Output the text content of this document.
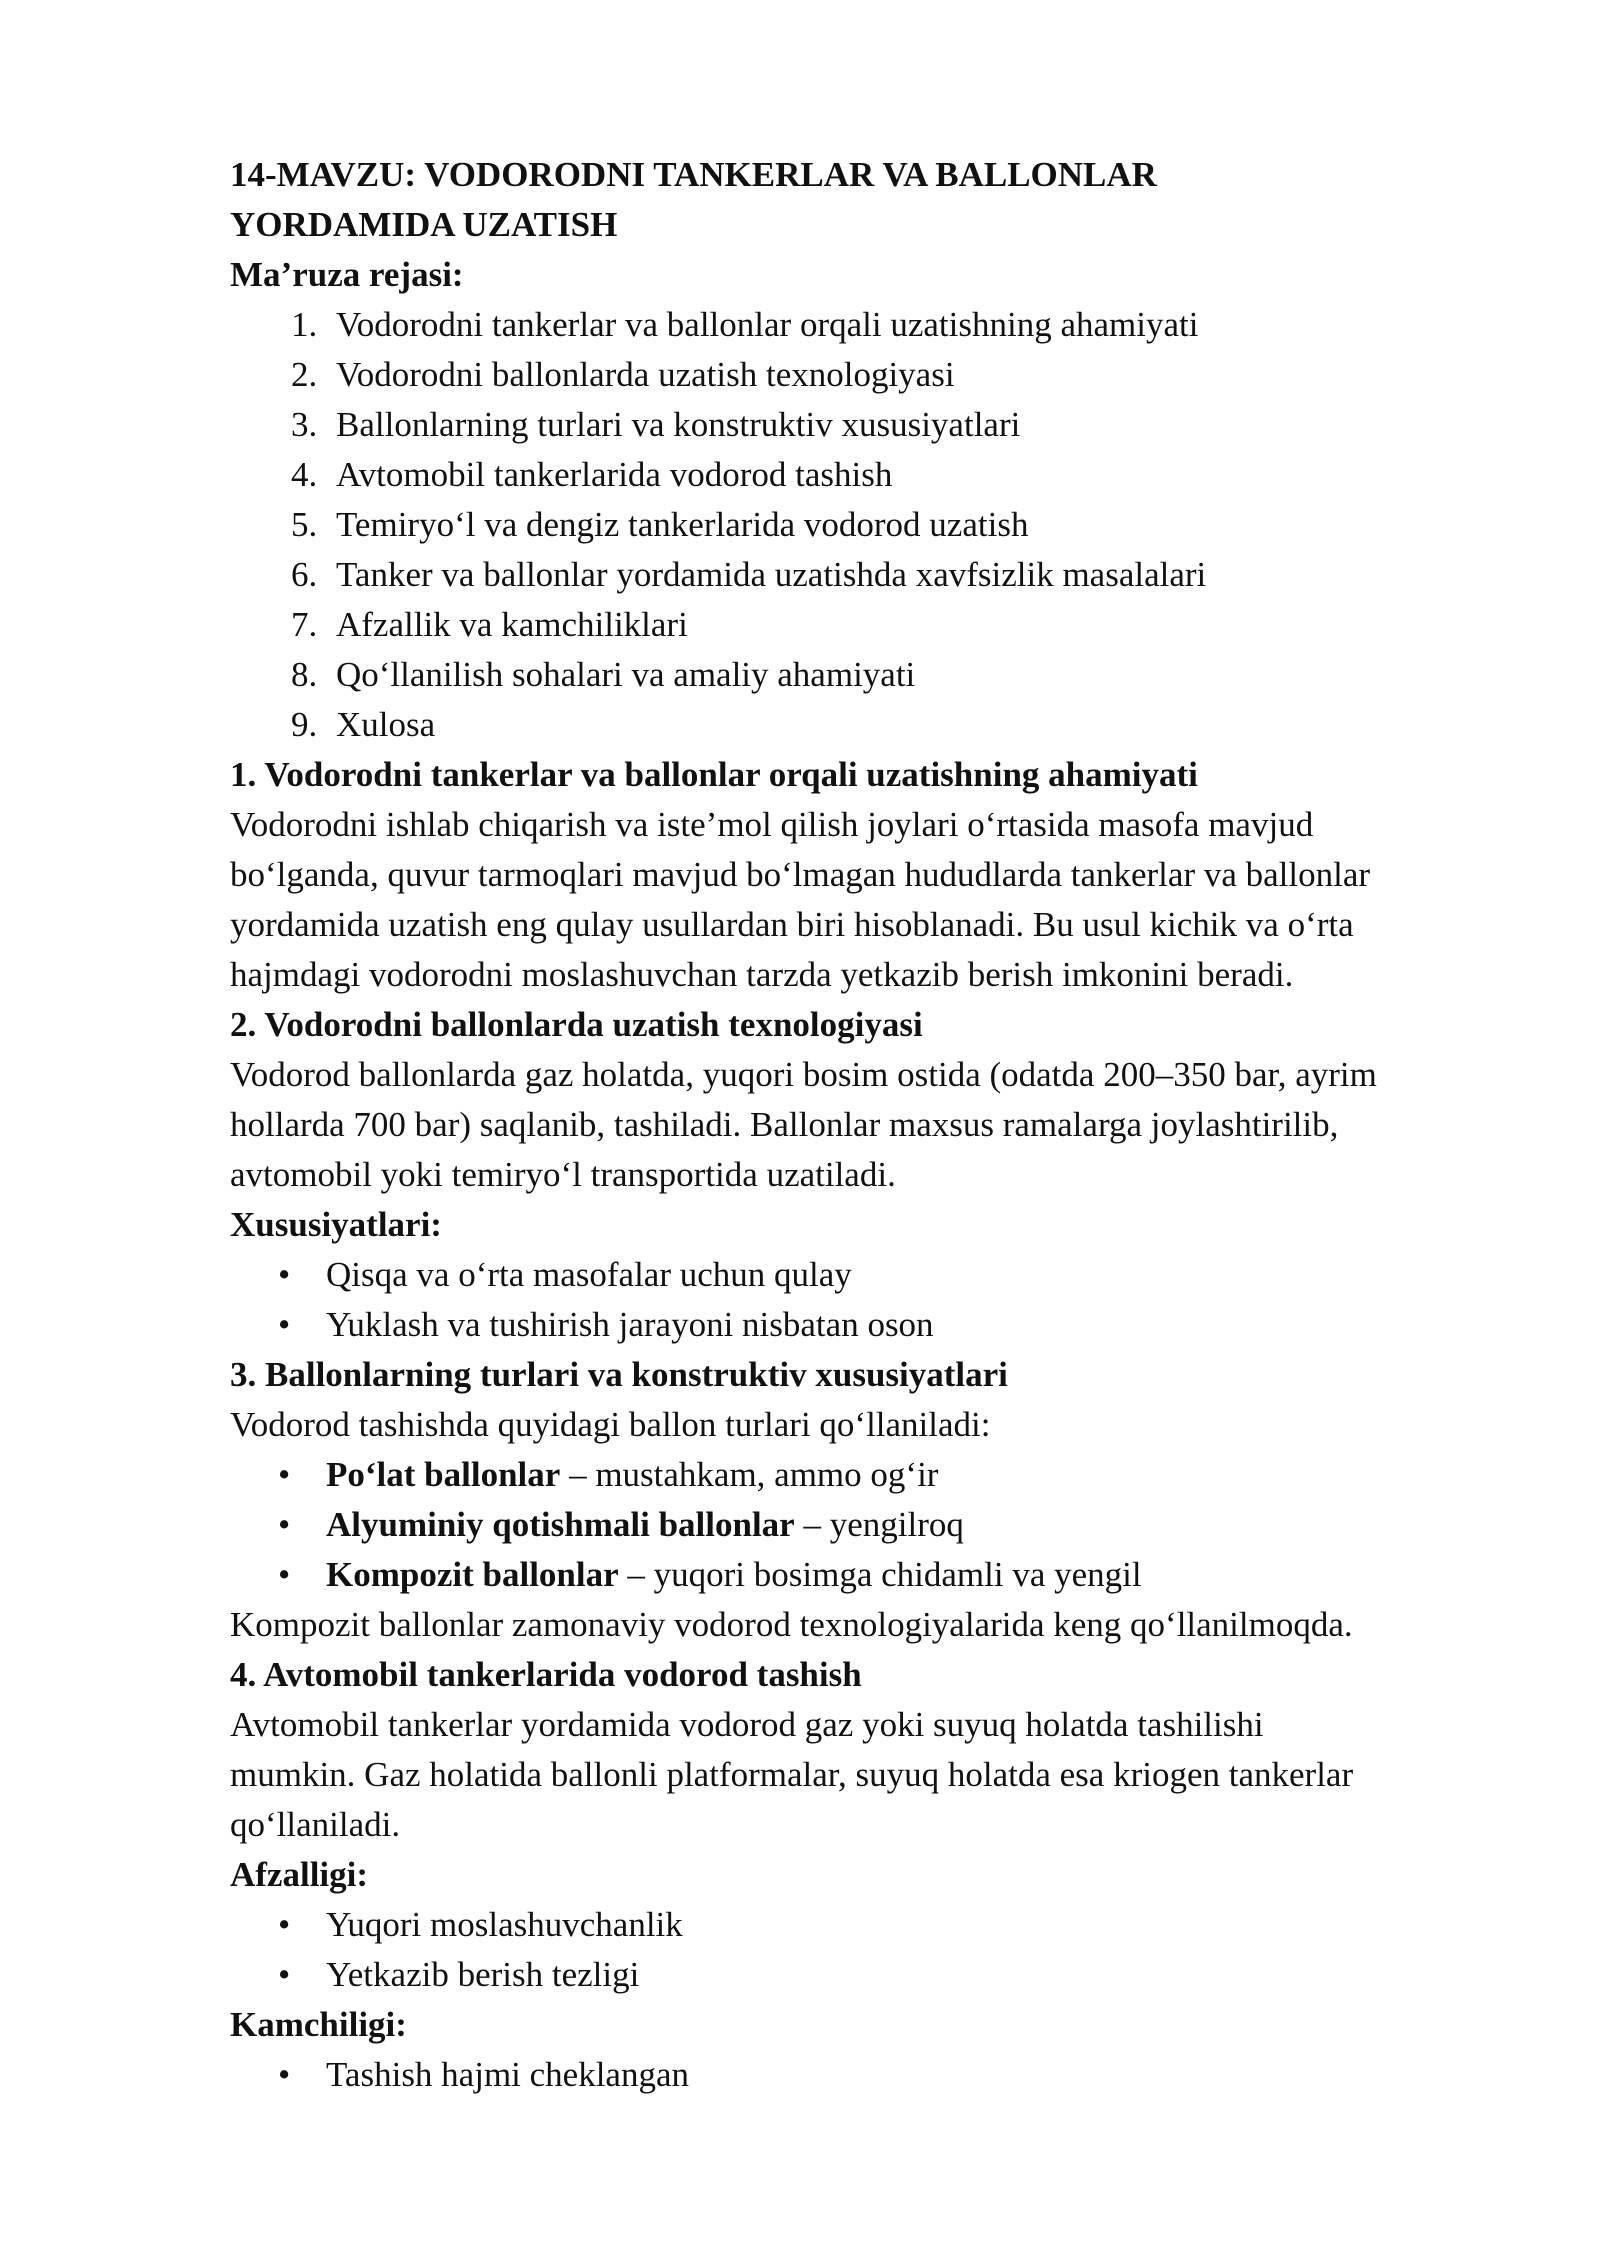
14-MAVZU: VODORODNI TANKERLAR VA BALLONLAR
YORDAMIDA UZATISH
Ma’ruza rejasi:
1. Vodorodni tankerlar va ballonlar orqali uzatishning ahamiyati
2. Vodorodni ballonlarda uzatish texnologiyasi
3. Ballonlarning turlari va konstruktiv xususiyatlari
4. Avtomobil tankerlarida vodorod tashish
5. Temiryo‘l va dengiz tankerlarida vodorod uzatish
6. Tanker va ballonlar yordamida uzatishda xavfsizlik masalalari
7. Afzallik va kamchiliklari
8. Qo‘llanilish sohalari va amaliy ahamiyati
9. Xulosa
1. Vodorodni tankerlar va ballonlar orqali uzatishning ahamiyati
Vodorodni ishlab chiqarish va iste’mol qilish joylari o‘rtasida masofa mavjud
bo‘lganda, quvur tarmoqlari mavjud bo‘lmagan hududlarda tankerlar va ballonlar
yordamida uzatish eng qulay usullardan biri hisoblanadi. Bu usul kichik va o‘rta
hajmdagi vodorodni moslashuvchan tarzda yetkazib berish imkonini beradi.
2. Vodorodni ballonlarda uzatish texnologiyasi
Vodorod ballonlarda gaz holatda, yuqori bosim ostida (odatda 200–350 bar, ayrim
hollarda 700 bar) saqlanib, tashiladi. Ballonlar maxsus ramalarga joylashtirilib,
avtomobil yoki temiryo‘l transportida uzatiladi.
Xususiyatlari:
• Qisqa va o‘rta masofalar uchun qulay
• Yuklash va tushirish jarayoni nisbatan oson
3. Ballonlarning turlari va konstruktiv xususiyatlari

Vodorod tashishda quyidagi ballon turlari qo‘llaniladi:

• Po‘lat ballonlar – mustahkam, ammo og‘ir
• Alyuminiy qotishmali ballonlar – yengilroq
• Kompozit ballonlar – yuqori bosimga chidamli va yengil

Kompozit ballonlar zamonaviy vodorod texnologiyalarida keng qo‘llanilmoqda.

4. Avtomobil tankerlarida vodorod tashish
Avtomobil tankerlar yordamida vodorod gaz yoki suyuq holatda tashilishi
mumkin. Gaz holatida ballonli platformalar, suyuq holatda esa kriogen tankerlar
qo‘llaniladi.
Afzalligi:
• Yuqori moslashuvchanlik
• Yetkazib berish tezligi
Kamchiligi:
• Tashish hajmi cheklangan
